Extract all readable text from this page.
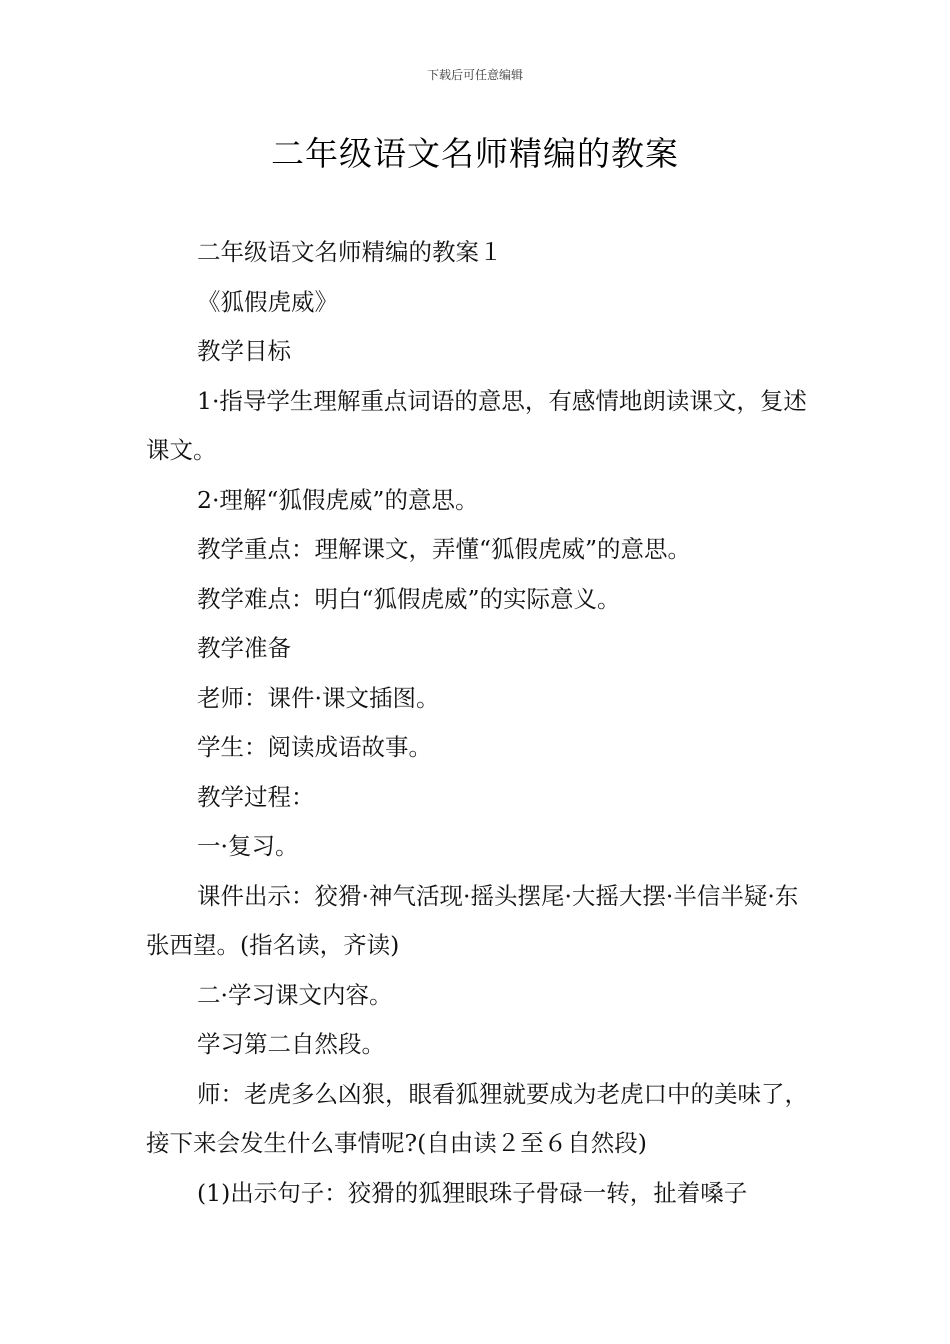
下载后可任意编辑
二年级语文名师精编的教案

二年级语文名师精编的教案１

《狐假虎威》

教学目标

1·指导学生理解重点词语的意思，有感情地朗读课文，复述课文。

2·理解“狐假虎威”的意思。

教学重点：理解课文，弄懂“狐假虎威”的意思。

教学难点：明白“狐假虎威”的实际意义。

教学准备

老师：课件·课文插图。

学生：阅读成语故事。

教学过程：

一·复习。

课件出示：狡猾·神气活现·摇头摆尾·大摇大摆·半信半疑·东张西望。(指名读，齐读)

二·学习课文内容。

学习第二自然段。

师：老虎多么凶狠，眼看狐狸就要成为老虎口中的美味了，接下来会发生什么事情呢?(自由读２至６自然段)

(1)出示句子：狡猾的狐狸眼珠子骨碌一转，扯着嗓子
